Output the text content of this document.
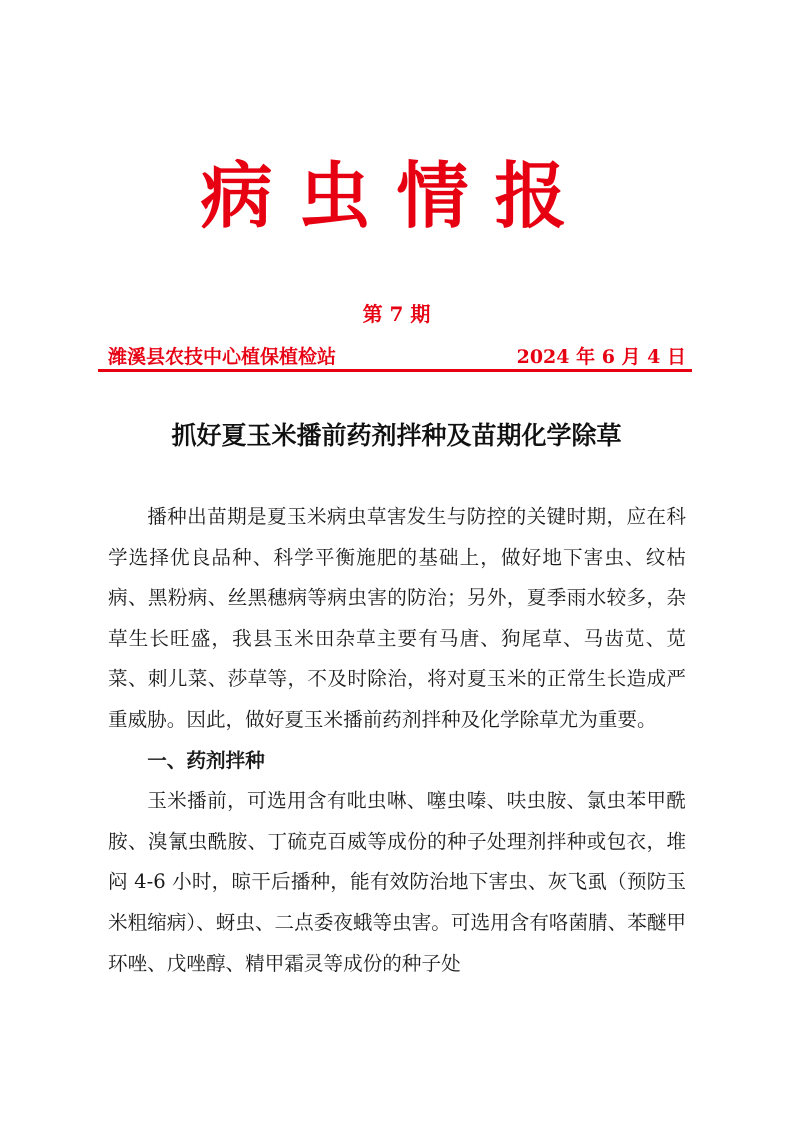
病虫情报
第 7 期
潍溪县农技中心植保植检站	2024 年 6 月 4 日
抓好夏玉米播前药剂拌种及苗期化学除草

播种出苗期是夏玉米病虫草害发生与防控的关键时期，应在科学选择优良品种、科学平衡施肥的基础上，做好地下害虫、纹枯病、黑粉病、丝黑穗病等病虫害的防治；另外，夏季雨水较多，杂草生长旺盛，我县玉米田杂草主要有马唐、狗尾草、马齿苋、苋菜、刺儿菜、莎草等，不及时除治，将对夏玉米的正常生长造成严重威胁。因此，做好夏玉米播前药剂拌种及化学除草尤为重要。

一、药剂拌种

玉米播前，可选用含有吡虫啉、噻虫嗪、呋虫胺、氯虫苯甲酰胺、溴氰虫酰胺、丁硫克百威等成份的种子处理剂拌种或包衣，堆闷 4-6 小时，晾干后播种，能有效防治地下害虫、灰飞虱（预防玉米粗缩病）、蚜虫、二点委夜蛾等虫害。可选用含有咯菌腈、苯醚甲环唑、戊唑醇、精甲霜灵等成份的种子处
